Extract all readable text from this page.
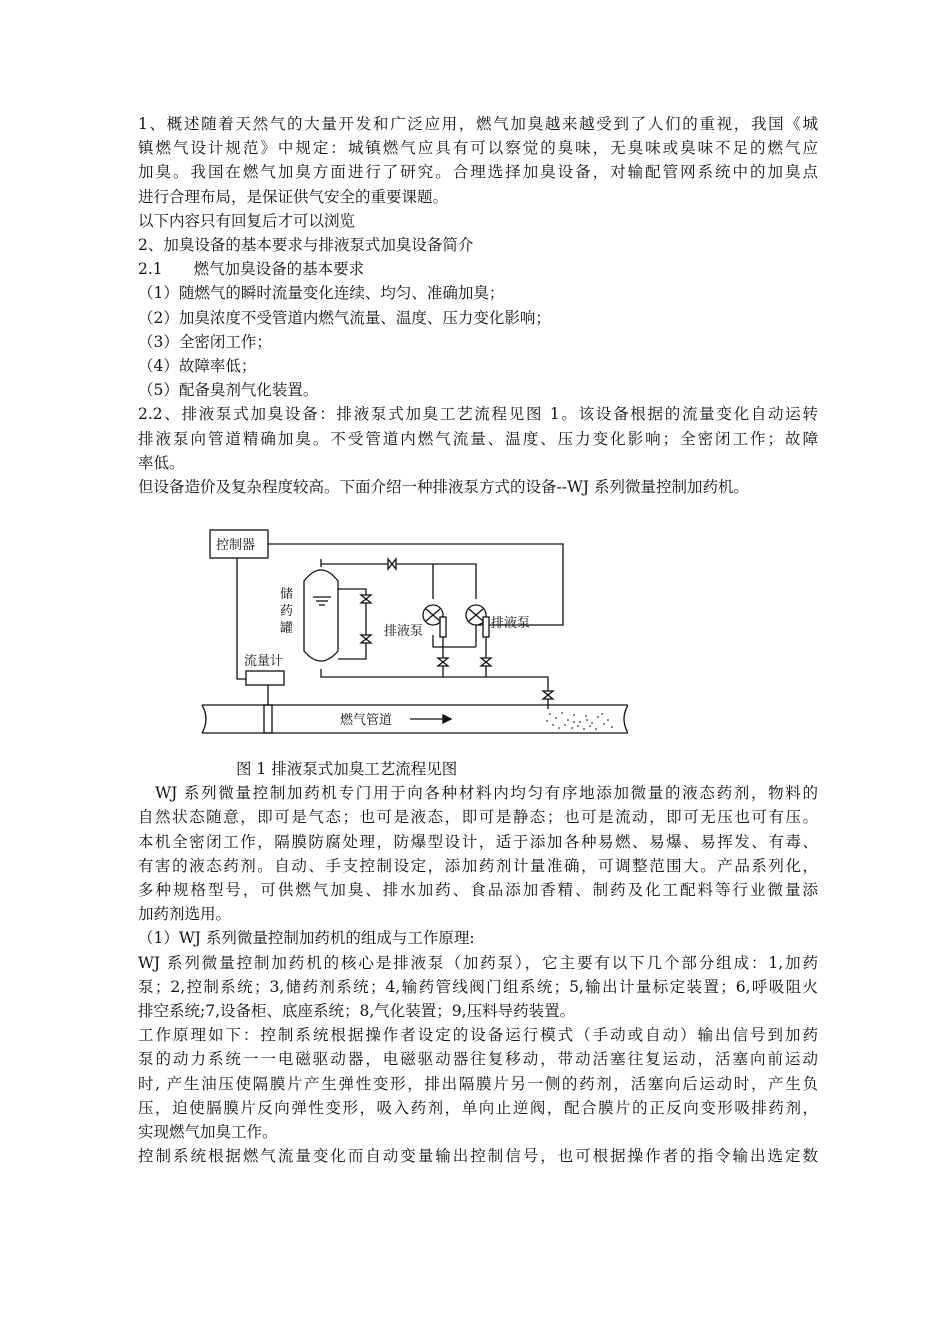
1、概述随着天然气的大量开发和广泛应用，燃气加臭越来越受到了人们的重视，我国《城

镇燃气设计规范》中规定：城镇燃气应具有可以察觉的臭味，无臭味或臭味不足的燃气应

加臭。我国在燃气加臭方面进行了研究。合理选择加臭设备，对输配管网系统中的加臭点

进行合理布局，是保证供气安全的重要课题。

以下内容只有回复后才可以浏览

2、加臭设备的基本要求与排液泵式加臭设备简介

2.1　　燃气加臭设备的基本要求

（1）随燃气的瞬时流量变化连续、均匀、准确加臭；

（2）加臭浓度不受管道内燃气流量、温度、压力变化影响；

（3）全密闭工作；

（4）故障率低；

（5）配备臭剂气化装置。

2.2、排液泵式加臭设备：排液泵式加臭工艺流程见图 1。该设备根据的流量变化自动运转

排液泵向管道精确加臭。不受管道内燃气流量、温度、压力变化影响；全密闭工作；故障

率低。

但设备造价及复杂程度较高。下面介绍一种排液泵方式的设备--WJ 系列微量控制加药机。

控制器
储
药
罐	排液泵
排液泵
流量计
燃气管道
图 1 排液泵式加臭工艺流程见图

　WJ 系列微量控制加药机专门用于向各种材料内均匀有序地添加微量的液态药剂，物料的

自然状态随意，即可是气态；也可是液态，即可是静态；也可是流动，即可无压也可有压。

本机全密闭工作，隔膜防腐处理，防爆型设计，适于添加各种易燃、易爆、易挥发、有毒、

有害的液态药剂。自动、手支控制设定，添加药剂计量准确，可调整范围大。产品系列化，

多种规格型号，可供燃气加臭、排水加药、食品添加香精、制药及化工配料等行业微量添

加药剂选用。

（1）WJ 系列微量控制加药机的组成与工作原理:

WJ 系列微量控制加药机的核心是排液泵（加药泵），它主要有以下几个部分组成：1,加药

泵；2,控制系统；3,储药剂系统；4,输药管线阀门组系统；5,输出计量标定装置；6,呼吸阻火

排空系统;7,设备柜、底座系统；8,气化装置；9,压料导药装置。

工作原理如下：控制系统根据操作者设定的设备运行模式（手动或自动）输出信号到加药

泵的动力系统一一电磁驱动器，电磁驱动器往复移动，带动活塞往复运动，活塞向前运动

时, 产生油压使隔膜片产生弹性变形，排出隔膜片另一侧的药剂，活塞向后运动时，产生负

压，迫使膈膜片反向弹性变形，吸入药剂，单向止逆阀，配合膜片的正反向变形吸排药剂，

实现燃气加臭工作。

控制系统根据燃气流量变化而自动变量输出控制信号，也可根据操作者的指令输出选定数
